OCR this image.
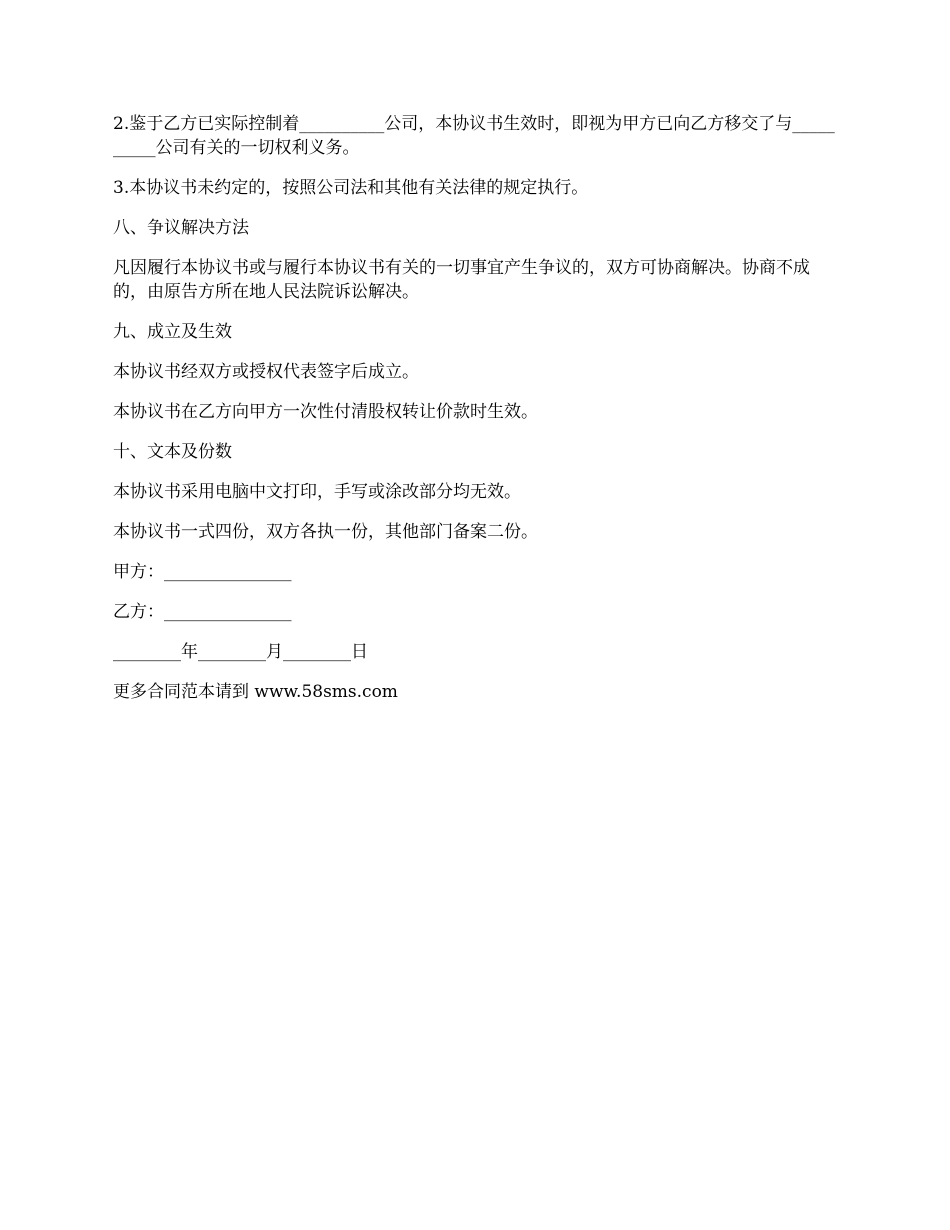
2.鉴于乙方已实际控制着__________公司，本协议书生效时，即视为甲方已向乙方移交了与__________公司有关的一切权利义务。

3.本协议书未约定的，按照公司法和其他有关法律的规定执行。

八、争议解决方法

凡因履行本协议书或与履行本协议书有关的一切事宜产生争议的，双方可协商解决。协商不成的，由原告方所在地人民法院诉讼解决。

九、成立及生效

本协议书经双方或授权代表签字后成立。

本协议书在乙方向甲方一次性付清股权转让价款时生效。

十、文本及份数

本协议书采用电脑中文打印，手写或涂改部分均无效。

本协议书一式四份，双方各执一份，其他部门备案二份。

甲方：_______________

乙方：_______________

________年________月________日

更多合同范本请到 www.58sms.com
